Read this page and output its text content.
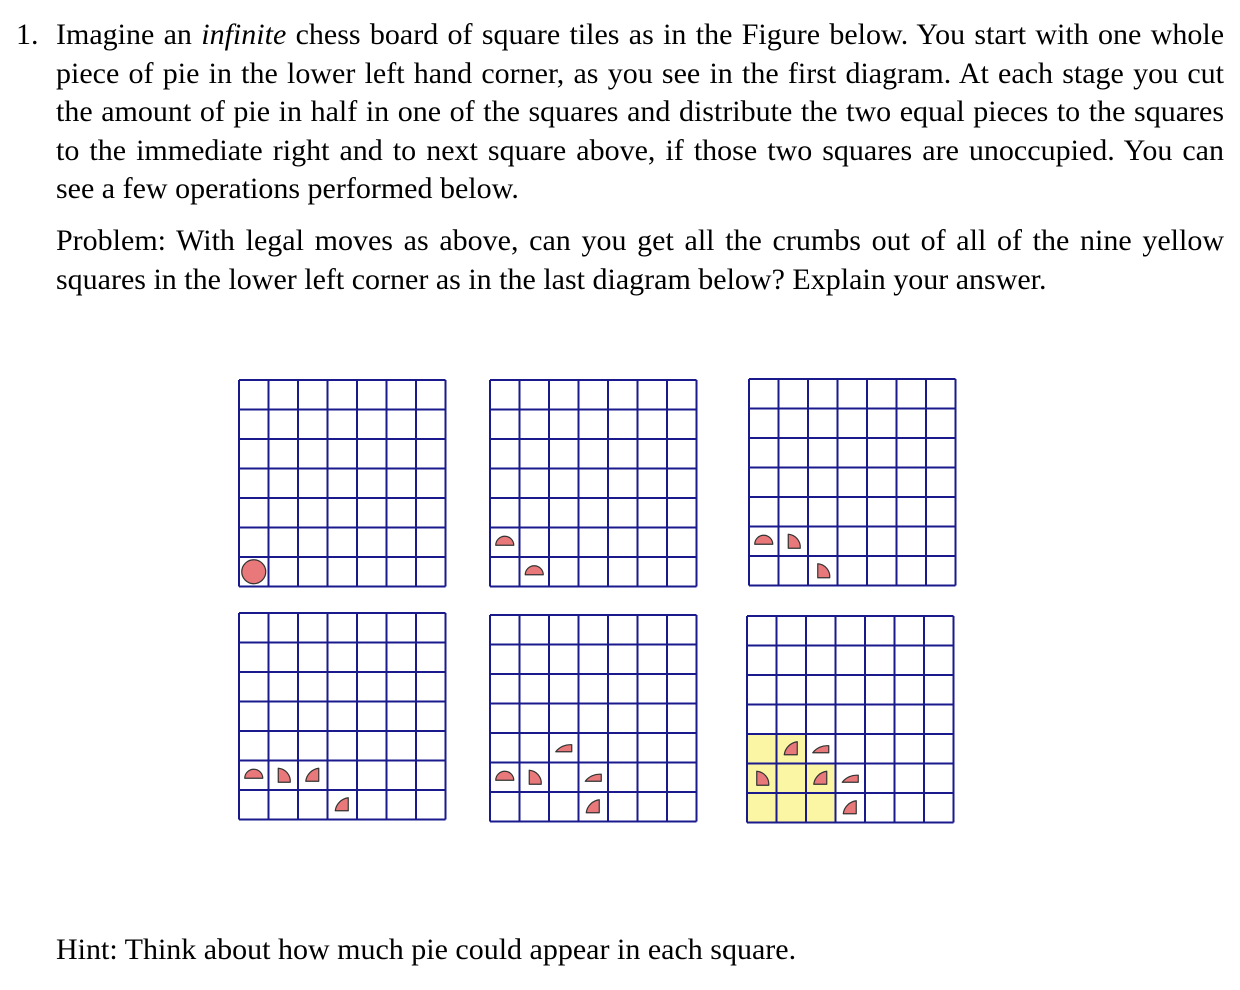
1. Imagine an infinite chess board of square tiles as in the Figure below. You start with one whole piece of pie in the lower left hand corner, as you see in the first diagram. At each stage you cut the amount of pie in half in one of the squares and distribute the two equal pieces to the squares to the immediate right and to next square above, if those two squares are unoccupied. You can see a few operations performed below.
Problem: With legal moves as above, can you get all the crumbs out of all of the nine yellow squares in the lower left corner as in the last diagram below? Explain your answer.
Hint: Think about how much pie could appear in each square.
